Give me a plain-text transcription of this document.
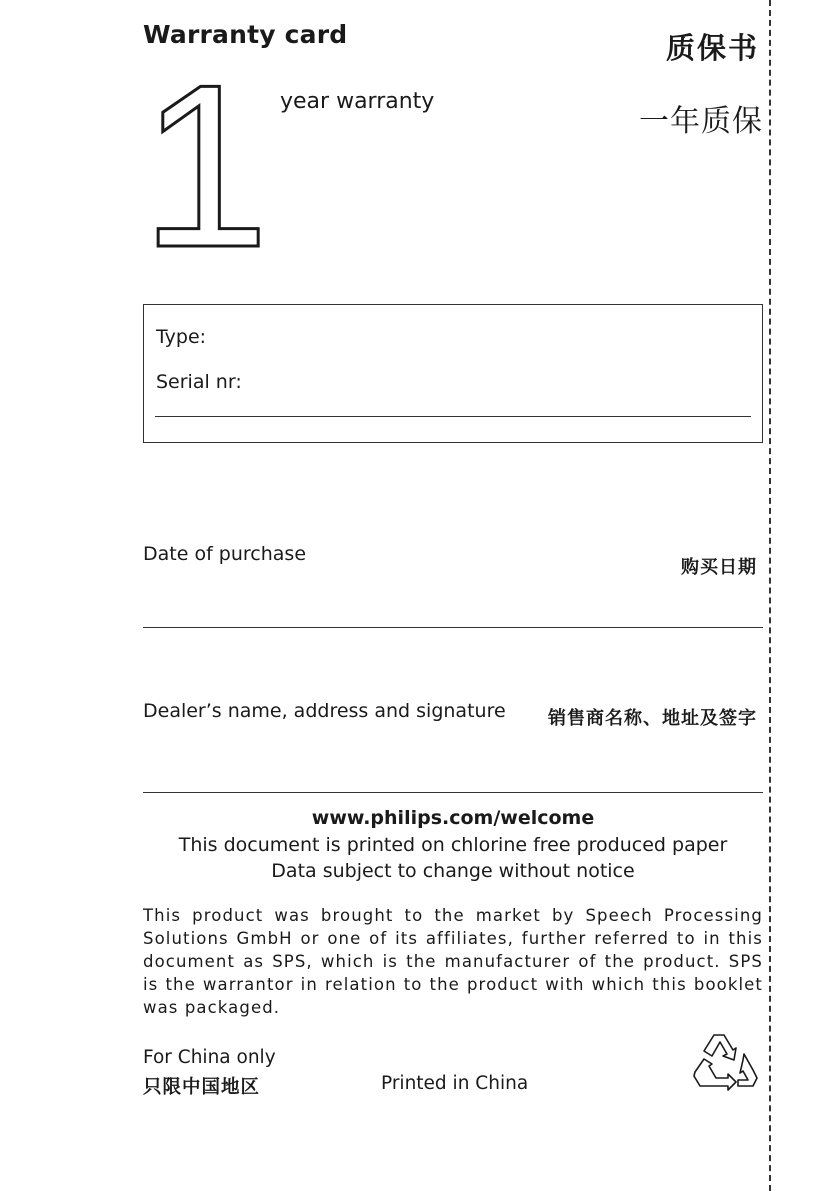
Warranty card	质保书
1 year warranty
一年质保
Type:
Serial nr:
Date of purchase
购买日期
Dealer’s name, address and signature 销售商名称、地址及签字
www.philips.com/welcome
This document is printed on chlorine free produced paper
Data subject to change without notice
This product was brought to the market by Speech Processing Solutions GmbH or one of its affiliates, further referred to in this document as SPS, which is the manufacturer of the product. SPS is the warrantor in relation to the product with which this booklet was packaged.
For China only
只限中国地区	Printed in China
